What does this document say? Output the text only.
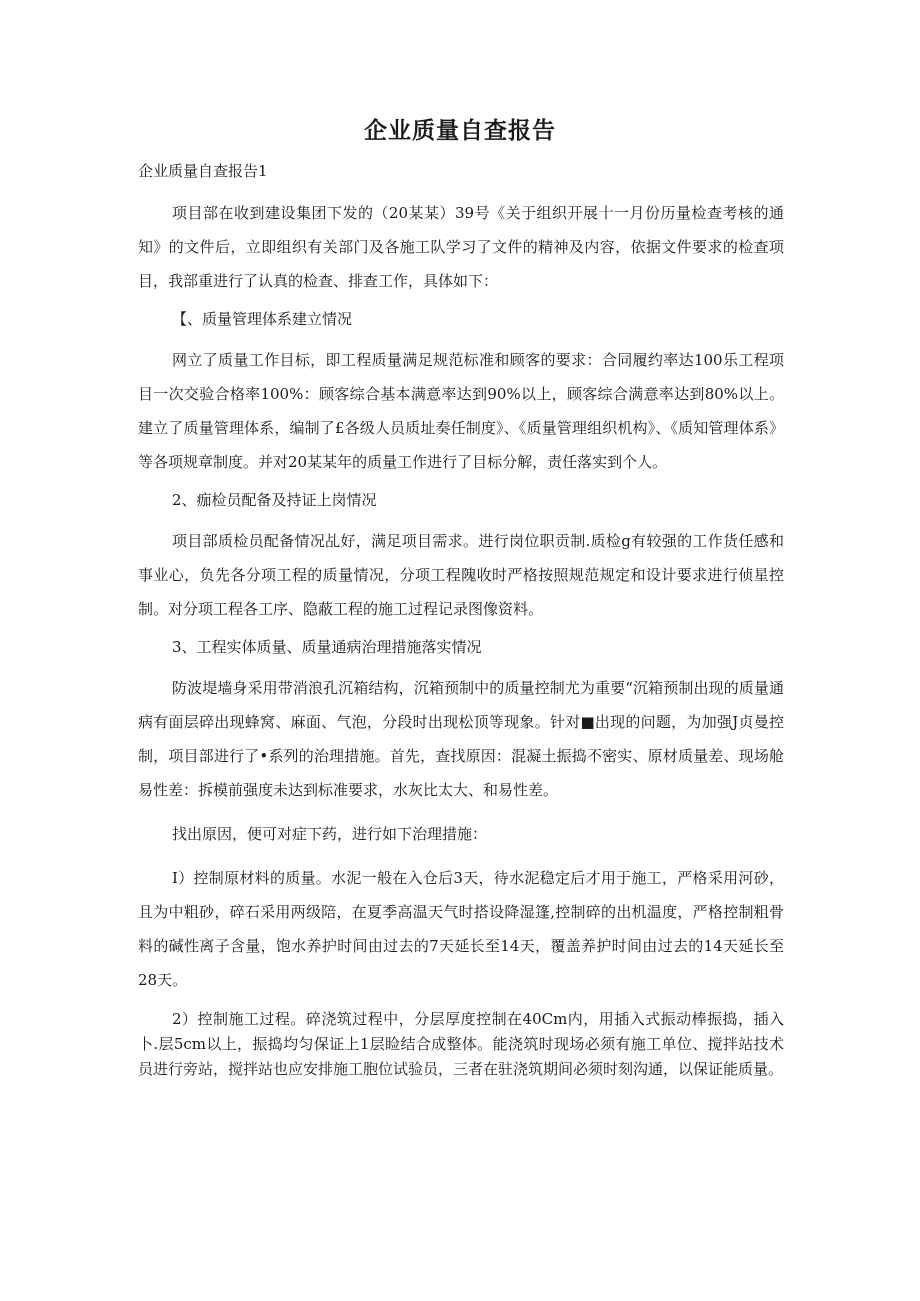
企业质量自查报告

企业质量自查报告1

项目部在收到建设集团下发的（20某某）39号《关于组织开展十一月份历量检查考核的通知》的文件后，立即组织有关部门及各施工队学习了文件的精神及内容，依据文件要求的检查项目，我部重进行了认真的检查、排查工作，具体如下：

【、质量管理体系建立情况

网立了质量工作目标，即工程质量满足规范标准和顾客的要求：合同履约率达100乐工程项目一次交验合格率100%：顾客综合基本满意率达到90%以上，顾客综合满意率达到80%以上。建立了质量管理体系，编制了£各级人员质址奏任制度》、《质量管理组织机构》、《质知管理体系》等各项规章制度。并对20某某年的质量工作进行了目标分解，责任落实到个人。

2、痂检员配备及持证上岗情况

项目部质检员配备情况乩好，满足项目需求。进行岗位职贡制.质检g有较强的工作货任感和事业心，负先各分项工程的质量情况，分项工程隗收时严格按照规范规定和设计要求进行侦星控制。对分项工程各工序、隐蔽工程的施工过程记录图像资料。

3、工程实体质量、质量通病治理措施落实情况

防波堤墙身采用带消浪孔沉箱结构，沉箱预制中的质量控制尤为重要“沉箱预制出现的质量通病有面层碎出现蜂窝、麻面、气泡，分段时出现松顶等现象。针对■出现的问题，为加强J贞曼控制，项目部进行了•系列的治理措施。首先，查找原因：混凝土振捣不密实、原材质量差、现场舱易性差：拆模前强度未达到标准要求，水灰比太大、和易性差。

找出原因，便可对症下药，进行如下治理措施：

I）控制原材料的质量。水泥一般在入仓后3天，待水泥稳定后才用于施工，严格采用河砂，且为中粗砂，碎石采用两级陪，在夏季高温天气时搭设降湿篷,控制碎的出机温度，严格控制粗骨料的碱性离子含量，饱水养护时间由过去的7天延长至14天，覆盖养护时间由过去的14天延长至28天。

2）控制施工过程。碎浇筑过程中，分层厚度控制在40Cm内，用插入式振动棒振捣，插入卜.层5cm以上，振捣均匀保证上1层睑结合成整体。能浇筑时现场必须有施工单位、搅拌站技术员进行旁站，搅拌站也应安排施工胞位试验员，三者在驻浇筑期间必须时刻沟通，以保证能质量。
